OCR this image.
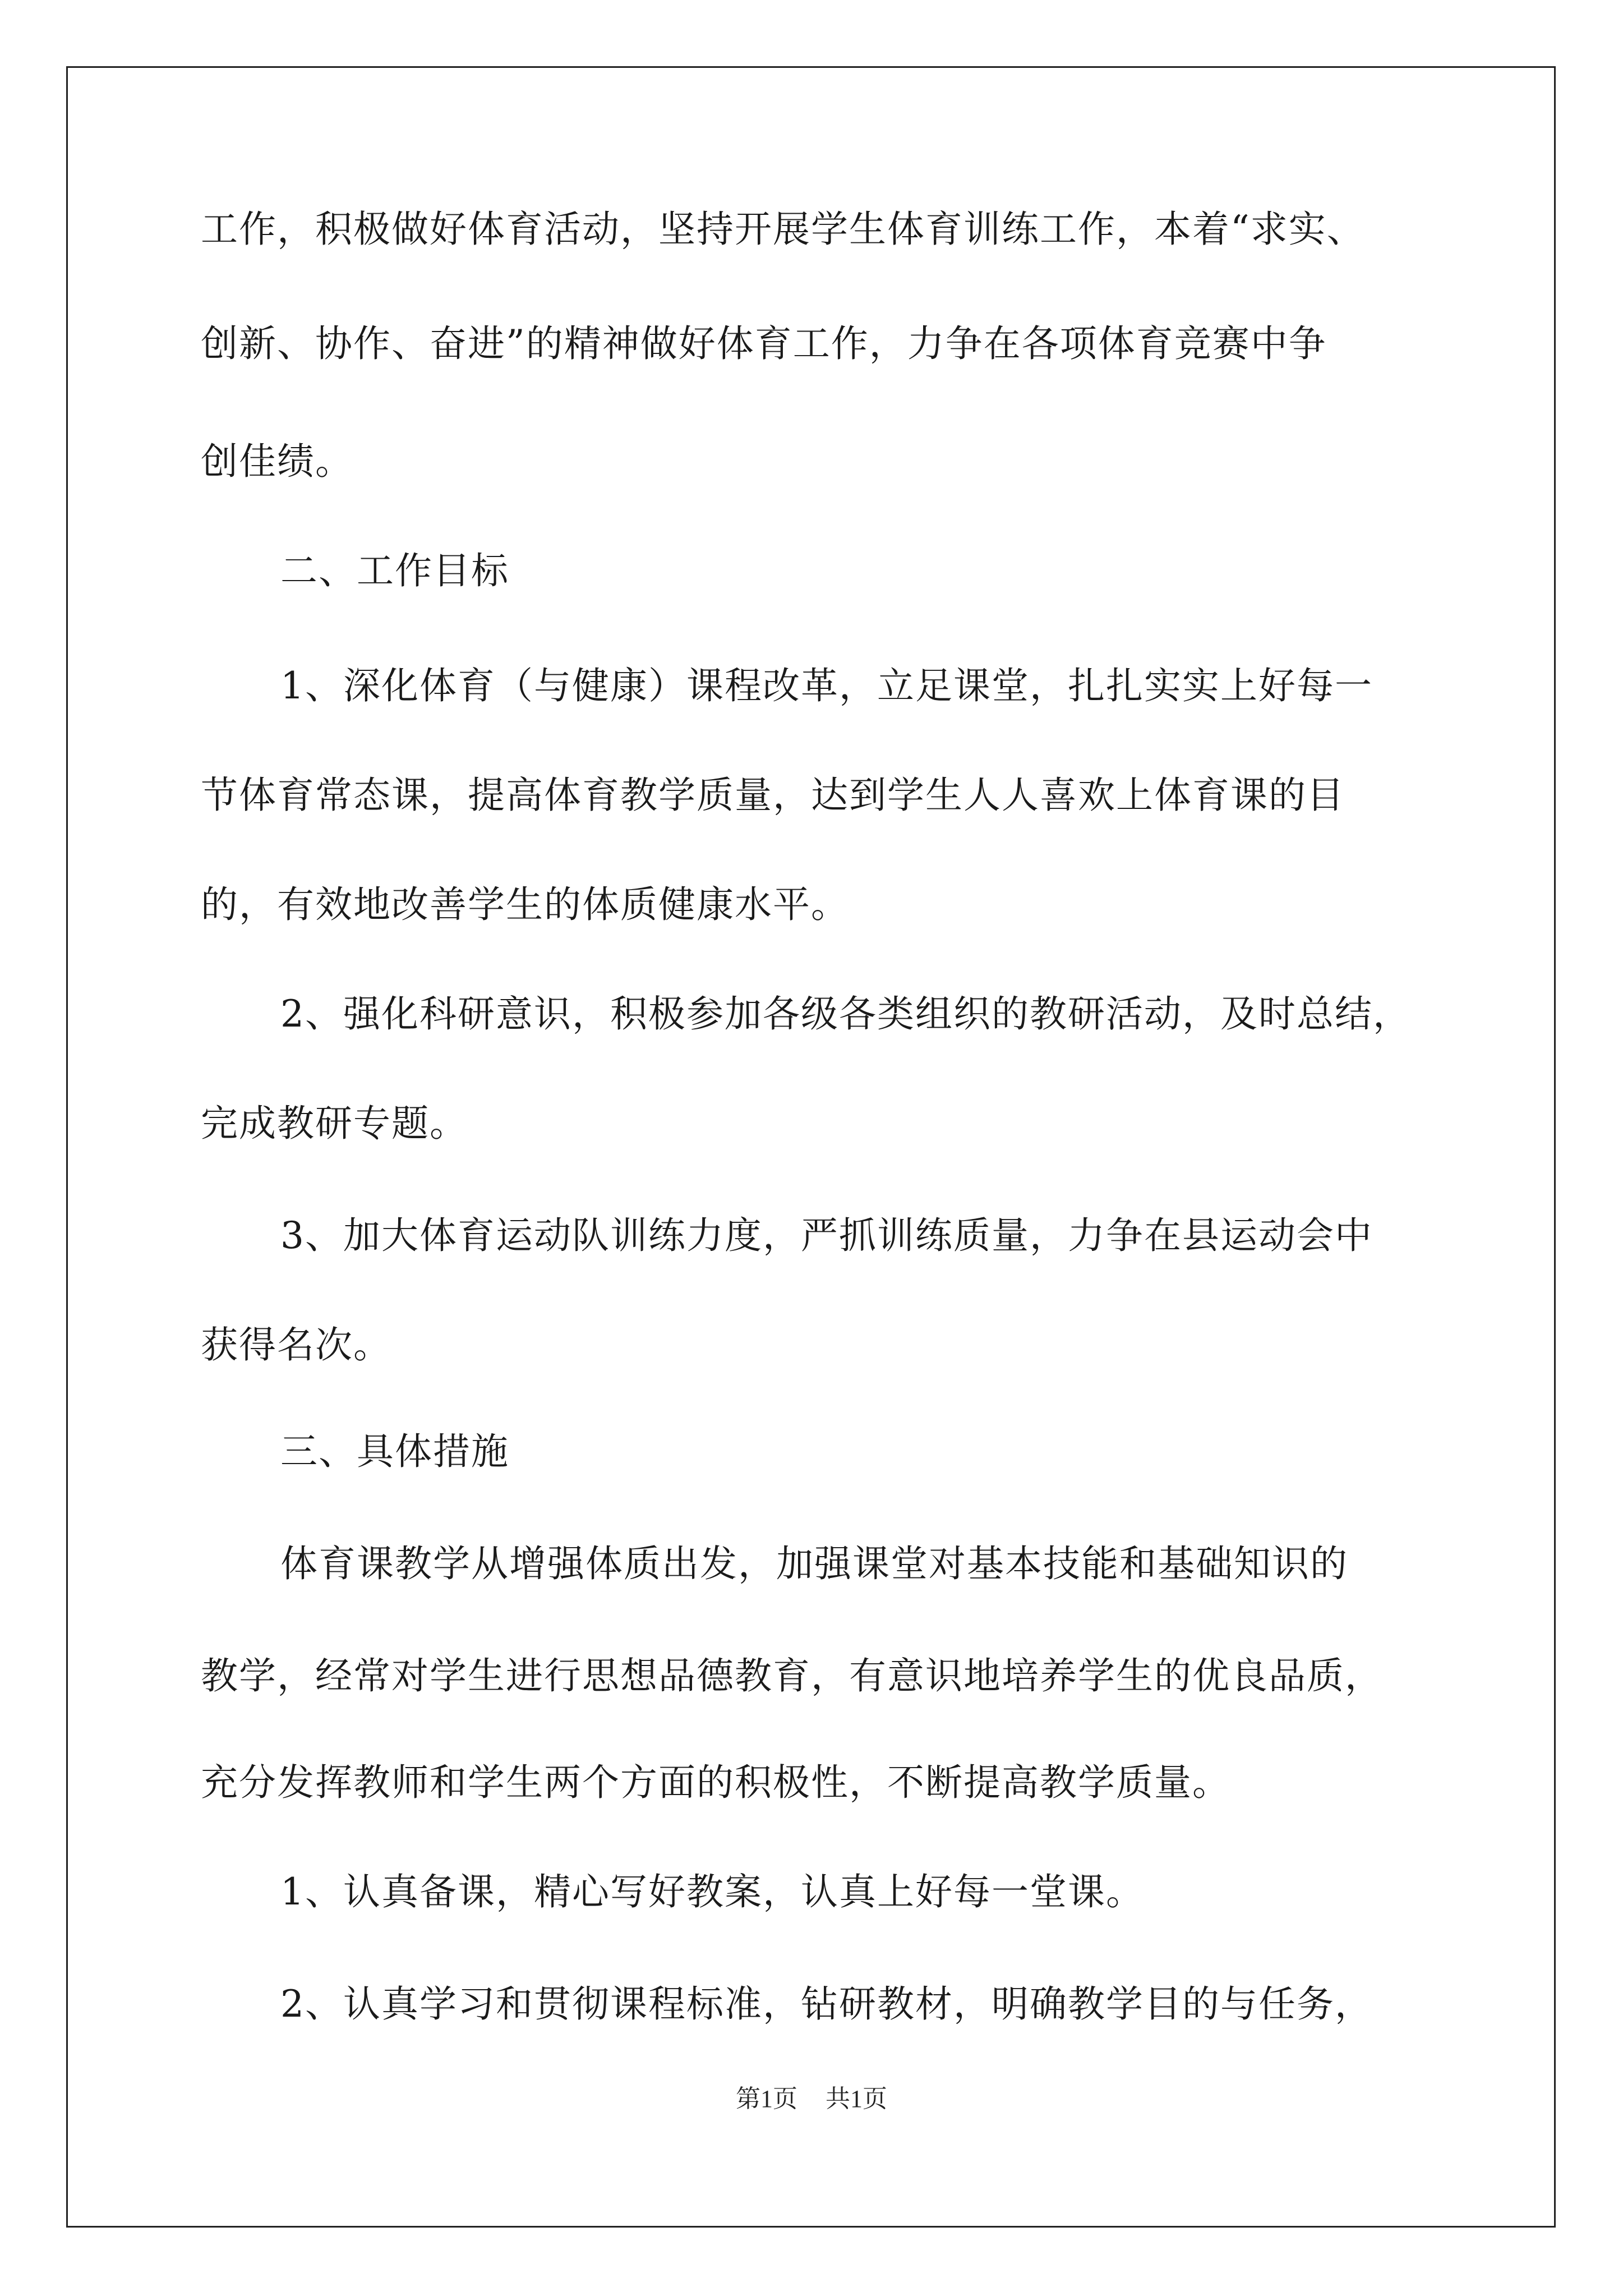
工作，积极做好体育活动，坚持开展学生体育训练工作，本着“求实、
创新、协作、奋进”的精神做好体育工作，力争在各项体育竞赛中争
创佳绩。
二、工作目标
1、深化体育（与健康）课程改革，立足课堂，扎扎实实上好每一
节体育常态课，提高体育教学质量，达到学生人人喜欢上体育课的目
的，有效地改善学生的体质健康水平。
2、强化科研意识，积极参加各级各类组织的教研活动，及时总结，
完成教研专题。
3、加大体育运动队训练力度，严抓训练质量，力争在县运动会中
获得名次。
三、具体措施
体育课教学从增强体质出发，加强课堂对基本技能和基础知识的
教学，经常对学生进行思想品德教育，有意识地培养学生的优良品质，
充分发挥教师和学生两个方面的积极性，不断提高教学质量。
1、认真备课，精心写好教案，认真上好每一堂课。
2、认真学习和贯彻课程标准，钻研教材，明确教学目的与任务，
第1页 共1页
